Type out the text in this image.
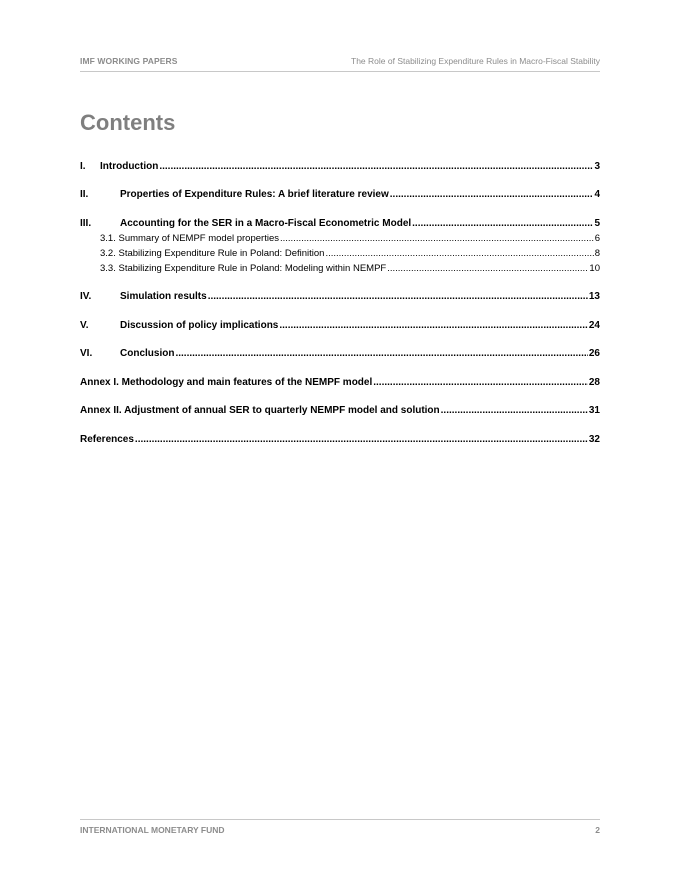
IMF WORKING PAPERS	The Role of Stabilizing Expenditure Rules in Macro-Fiscal Stability
Contents
I.	Introduction .....	3
II.	Properties of Expenditure Rules: A brief literature review .....	4
III.	Accounting for the SER in a Macro-Fiscal Econometric Model .....	5
3.1. Summary of NEMPF model properties .....	6
3.2. Stabilizing Expenditure Rule in Poland: Definition .....	8
3.3. Stabilizing Expenditure Rule in Poland: Modeling within NEMPF .....	10
IV.	Simulation results .....	13
V.	Discussion of policy implications .....	24
VI.	Conclusion .....	26
Annex I. Methodology and main features of the NEMPF model .....	28
Annex II. Adjustment of annual SER to quarterly NEMPF model and solution .....	31
References .....	32
INTERNATIONAL MONETARY FUND	2
